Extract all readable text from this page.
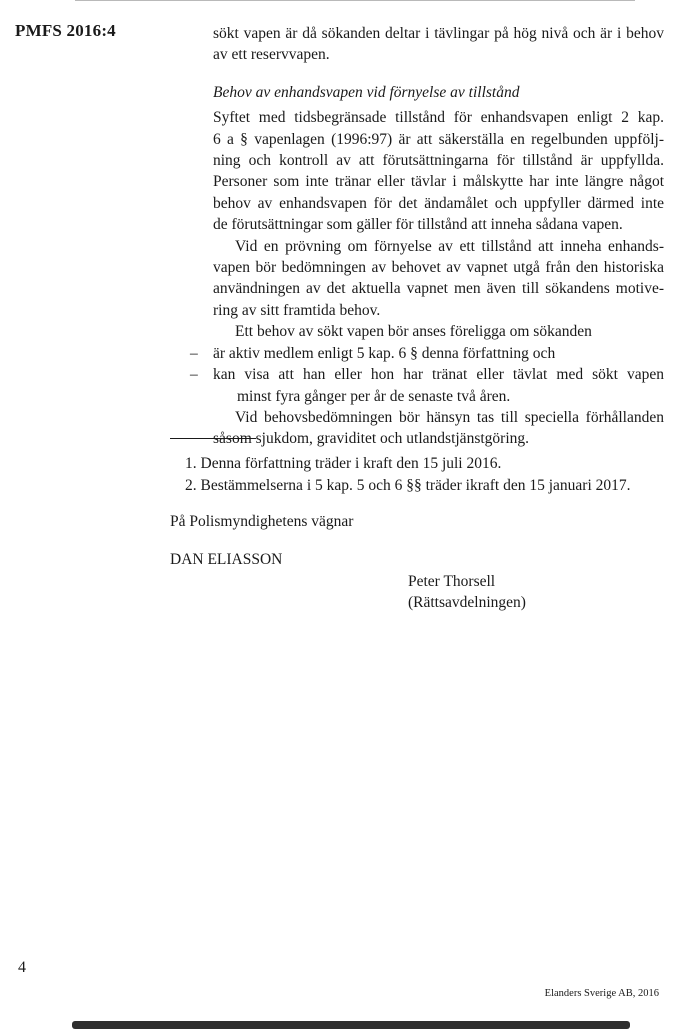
PMFS 2016:4	sökt vapen är då sökanden deltar i tävlingar på hög nivå och är i behov
av ett reservvapen.
Behov av enhandsvapen vid förnyelse av tillstånd
Syftet med tidsbegränsade tillstånd för enhandsvapen enligt 2 kap.
6 a § vapenlagen (1996:97) är att säkerställa en regelbunden uppfölj-
ning och kontroll av att förutsättningarna för tillstånd är uppfyllda.
Personer som inte tränar eller tävlar i målskytte har inte längre något
behov av enhandsvapen för det ändamålet och uppfyller därmed inte
de förutsättningar som gäller för tillstånd att inneha sådana vapen.
Vid en prövning om förnyelse av ett tillstånd att inneha enhands-
vapen bör bedömningen av behovet av vapnet utgå från den historiska
användningen av det aktuella vapnet men även till sökandens motive-
ring av sitt framtida behov.
Ett behov av sökt vapen bör anses föreligga om sökanden
– är aktiv medlem enligt 5 kap. 6 § denna författning och
– kan visa att han eller hon har tränat eller tävlat med sökt vapen
minst fyra gånger per år de senaste två åren.
Vid behovsbedömningen bör hänsyn tas till speciella förhållanden
såsom sjukdom, graviditet och utlandstjänstgöring.
1. Denna författning träder i kraft den 15 juli 2016.
2. Bestämmelserna i 5 kap. 5 och 6 §§ träder ikraft den 15 januari 2017.
På Polismyndighetens vägnar
DAN ELIASSON
Peter Thorsell
(Rättsavdelningen)
4
Elanders Sverige AB, 2016
